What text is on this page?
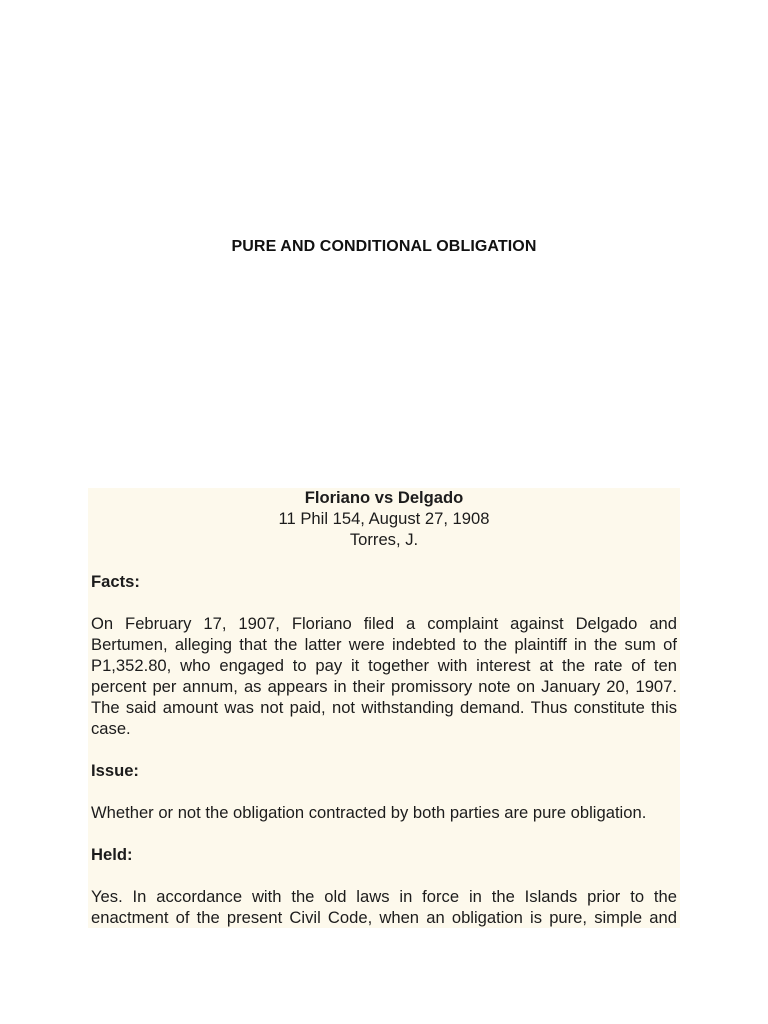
PURE AND CONDITIONAL OBLIGATION
Floriano vs Delgado
11 Phil 154, August 27, 1908
Torres, J.

Facts:

On February 17, 1907, Floriano filed a complaint against Delgado and Bertumen, alleging that the latter were indebted to the plaintiff in the sum of P1,352.80, who engaged to pay it together with interest at the rate of ten percent per annum, as appears in their promissory note on January 20, 1907. The said amount was not paid, not withstanding demand. Thus constitute this case.

Issue:

Whether or not the obligation contracted by both parties are pure obligation.

Held:

Yes. In accordance with the old laws in force in the Islands prior to the enactment of the present Civil Code, when an obligation is pure, simple and
